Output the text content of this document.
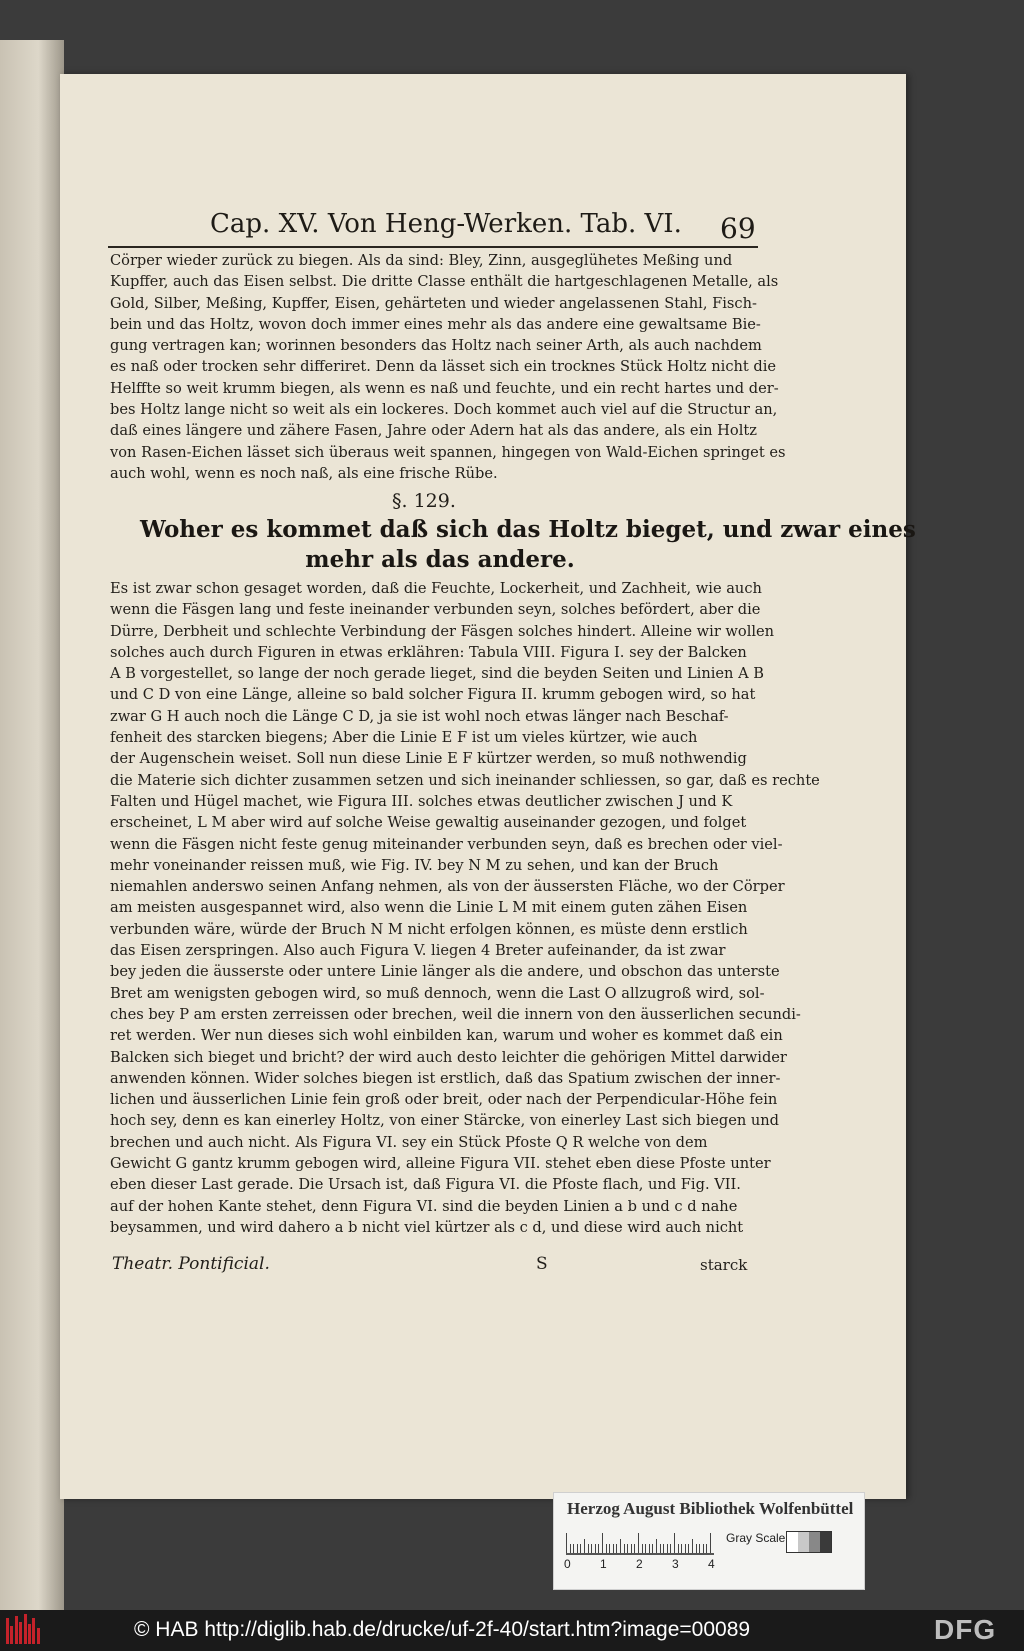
Cap. XV. Von Heng-Werken. Tab. VI. 69
Cörper wieder zurück zu biegen. Als da sind: Bley, Zinn, ausgeglühetes Meßing und
Kupffer, auch das Eisen selbst. Die dritte Classe enthält die hartgeschlagenen Metalle, als
Gold, Silber, Meßing, Kupffer, Eisen, gehärteten und wieder angelassenen Stahl, Fisch-
bein und das Holtz, wovon doch immer eines mehr als das andere eine gewaltsame Bie-
gung vertragen kan; worinnen besonders das Holtz nach seiner Arth, als auch nachdem
es naß oder trocken sehr differiret. Denn da lässet sich ein trocknes Stück Holtz nicht die
Helffte so weit krumm biegen, als wenn es naß und feuchte, und ein recht hartes und der-
bes Holtz lange nicht so weit als ein lockeres. Doch kommet auch viel auf die Structur an,
daß eines längere und zähere Fasen, Jahre oder Adern hat als das andere, als ein Holtz
von Rasen-Eichen lässet sich überaus weit spannen, hingegen von Wald-Eichen springet es
auch wohl, wenn es noch naß, als eine frische Rübe.
§. 129.
Woher es kommet daß sich das Holtz bieget, und zwar eines
mehr als das andere.
Es ist zwar schon gesaget worden, daß die Feuchte, Lockerheit, und Zachheit, wie auch
wenn die Fäsgen lang und feste ineinander verbunden seyn, solches befördert, aber die
Dürre, Derbheit und schlechte Verbindung der Fäsgen solches hindert. Alleine wir wollen
solches auch durch Figuren in etwas erklähren: Tabula VIII. Figura I. sey der Balcken
A B vorgestellet, so lange der noch gerade lieget, sind die beyden Seiten und Linien A B
und C D von eine Länge, alleine so bald solcher Figura II. krumm gebogen wird, so hat
zwar G H auch noch die Länge C D, ja sie ist wohl noch etwas länger nach Beschaf-
fenheit des starcken biegens; Aber die Linie E F ist um vieles kürtzer, wie auch
der Augenschein weiset. Soll nun diese Linie E F kürtzer werden, so muß nothwendig
die Materie sich dichter zusammen setzen und sich ineinander schliessen, so gar, daß es rechte
Falten und Hügel machet, wie Figura III. solches etwas deutlicher zwischen J und K
erscheinet, L M aber wird auf solche Weise gewaltig auseinander gezogen, und folget
wenn die Fäsgen nicht feste genug miteinander verbunden seyn, daß es brechen oder viel-
mehr voneinander reissen muß, wie Fig. IV. bey N M zu sehen, und kan der Bruch
niemahlen anderswo seinen Anfang nehmen, als von der äussersten Fläche, wo der Cörper
am meisten ausgespannet wird, also wenn die Linie L M mit einem guten zähen Eisen
verbunden wäre, würde der Bruch N M nicht erfolgen können, es müste denn erstlich
das Eisen zerspringen. Also auch Figura V. liegen 4 Breter aufeinander, da ist zwar
bey jeden die äusserste oder untere Linie länger als die andere, und obschon das unterste
Bret am wenigsten gebogen wird, so muß dennoch, wenn die Last O allzugroß wird, sol-
ches bey P am ersten zerreissen oder brechen, weil die innern von den äusserlichen secundi-
ret werden. Wer nun dieses sich wohl einbilden kan, warum und woher es kommet daß ein
Balcken sich bieget und bricht? der wird auch desto leichter die gehörigen Mittel darwider
anwenden können. Wider solches biegen ist erstlich, daß das Spatium zwischen der inner-
lichen und äusserlichen Linie fein groß oder breit, oder nach der Perpendicular-Höhe fein
hoch sey, denn es kan einerley Holtz, von einer Stärcke, von einerley Last sich biegen und
brechen und auch nicht. Als Figura VI. sey ein Stück Pfoste Q R welche von dem
Gewicht G gantz krumm gebogen wird, alleine Figura VII. stehet eben diese Pfoste unter
eben dieser Last gerade. Die Ursach ist, daß Figura VI. die Pfoste flach, und Fig. VII.
auf der hohen Kante stehet, denn Figura VI. sind die beyden Linien a b und c d nahe
beysammen, und wird dahero a b nicht viel kürtzer als c d, und diese wird auch nicht
Theatr. Pontificial.	S	starck
Herzog August Bibliothek Wolfenbüttel
0 1 2 3 4
Gray Scale
© HAB http://diglib.hab.de/drucke/uf-2f-40/start.htm?image=00089	DFG
